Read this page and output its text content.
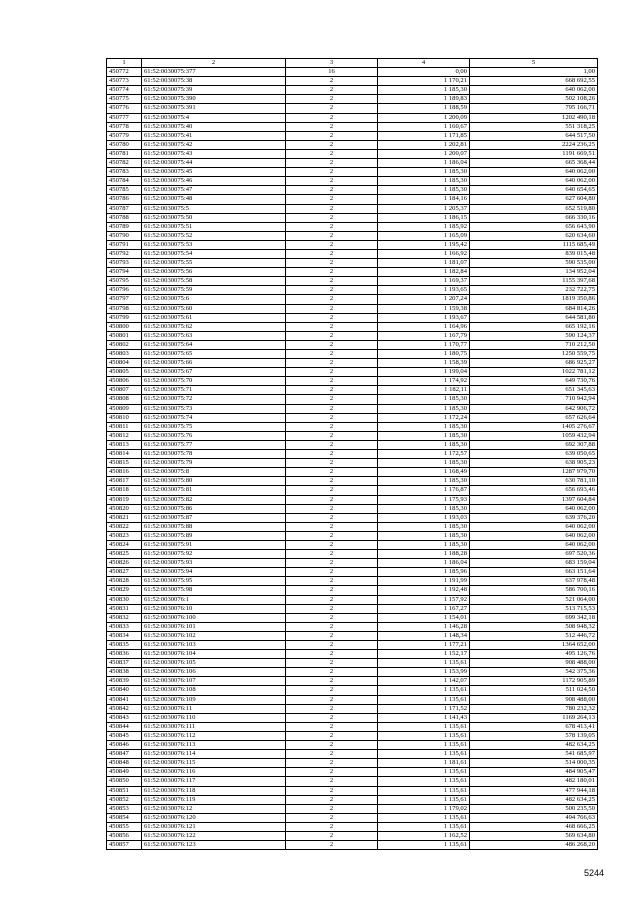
1	2	3	4	5
450772	61:52:0030075:377	16	0,00	1,00
450773	61:52:0030075:38	2	1 170,21	668 692,55
450774	61:52:0030075:39	2	1 185,30	640 062,00
450775	61:52:0030075:390	2	1 189,83	502 108,26
450776	61:52:0030075:391	2	1 188,59	795 166,71
450777	61:52:0030075:4	2	1 200,09	1202 490,18
450778	61:52:0030075:40	2	1 160,67	551 318,25
450779	61:52:0030075:41	2	1 171,85	644 517,50
450780	61:52:0030075:42	2	1 202,81	2224 236,25
450781	61:52:0030075:43	2	1 200,07	1191 669,51
450782	61:52:0030075:44	2	1 186,04	665 368,44
450783	61:52:0030075:45	2	1 185,30	640 062,00
450784	61:52:0030075:46	2	1 185,30	640 062,00
450785	61:52:0030075:47	2	1 185,30	640 654,65
450786	61:52:0030075:48	2	1 184,16	627 604,80
450787	61:52:0030075:5	2	1 205,37	652 519,80
450788	61:52:0030075:50	2	1 186,15	666 330,16
450789	61:52:0030075:51	2	1 185,92	656 643,90
450790	61:52:0030075:52	2	1 165,09	620 634,60
450791	61:52:0030075:53	2	1 195,42	1115 685,49
450792	61:52:0030075:54	2	1 166,92	839 015,48
450793	61:52:0030075:55	2	1 181,07	590 535,00
450794	61:52:0030075:56	2	1 182,84	134 952,04
450795	61:52:0030075:58	2	1 169,37	1155 397,68
450796	61:52:0030075:59	2	1 193,65	232 722,75
450797	61:52:0030075:6	2	1 207,24	1819 350,86
450798	61:52:0030075:60	2	1 159,38	684 814,26
450799	61:52:0030075:61	2	1 193,67	644 581,80
450800	61:52:0030075:62	2	1 164,96	665 192,16
450801	61:52:0030075:63	2	1 167,79	590 124,37
450802	61:52:0030075:64	2	1 170,77	710 212,50
450803	61:52:0030075:65	2	1 180,75	1250 559,75
450804	61:52:0030075:66	2	1 158,39	686 925,27
450805	61:52:0030075:67	2	1 199,04	1022 781,12
450806	61:52:0030075:70	2	1 174,92	649 730,76
450807	61:52:0030075:71	2	1 182,11	651 345,63
450808	61:52:0030075:72	2	1 185,30	710 942,94
450809	61:52:0030075:73	2	1 185,30	642 906,72
450810	61:52:0030075:74	2	1 172,24	657 626,64
450811	61:52:0030075:75	2	1 185,30	1405 276,67
450812	61:52:0030075:76	2	1 185,30	1059 432,94
450813	61:52:0030075:77	2	1 185,30	692 307,88
450814	61:52:0030075:78	2	1 172,57	639 050,65
450815	61:52:0030075:79	2	1 185,30	638 905,23
450816	61:52:0030075:8	2	1 168,49	1287 979,70
450817	61:52:0030075:80	2	1 185,30	630 781,10
450818	61:52:0030075:81	2	1 176,87	656 693,46
450819	61:52:0030075:82	2	1 175,93	1397 604,84
450820	61:52:0030075:86	2	1 185,30	640 062,00
450821	61:52:0030075:87	2	1 193,03	639 376,20
450822	61:52:0030075:88	2	1 185,30	640 062,00
450823	61:52:0030075:89	2	1 185,30	640 062,00
450824	61:52:0030075:91	2	1 185,30	640 062,00
450825	61:52:0030075:92	2	1 188,28	697 520,36
450826	61:52:0030075:93	2	1 186,04	683 159,04
450827	61:52:0030075:94	2	1 185,96	663 151,64
450828	61:52:0030075:95	2	1 191,99	637 978,48
450829	61:52:0030075:98	2	1 192,48	586 700,16
450830	61:52:0030076:1	2	1 157,92	521 064,00
450831	61:52:0030076:10	2	1 167,27	513 715,53
450832	61:52:0030076:100	2	1 154,01	699 342,18
450833	61:52:0030076:101	2	1 146,28	508 948,32
450834	61:52:0030076:102	2	1 148,34	512 446,72
450835	61:52:0030076:103	2	1 177,21	1364 652,00
450836	61:52:0030076:104	2	1 152,17	495 126,76
450837	61:52:0030076:105	2	1 135,61	908 488,00
450838	61:52:0030076:106	2	1 153,99	542 375,36
450839	61:52:0030076:107	2	1 142,07	1172 905,89
450840	61:52:0030076:108	2	1 135,61	511 024,50
450841	61:52:0030076:109	2	1 135,61	908 488,00
450842	61:52:0030076:11	2	1 171,52	780 232,32
450843	61:52:0030076:110	2	1 141,43	1169 264,13
450844	61:52:0030076:111	2	1 135,61	678 413,41
450845	61:52:0030076:112	2	1 135,61	578 139,05
450846	61:52:0030076:113	2	1 135,61	482 634,25
450847	61:52:0030076:114	2	1 135,61	541 685,97
450848	61:52:0030076:115	2	1 181,61	514 000,35
450849	61:52:0030076:116	2	1 135,61	484 905,47
450850	61:52:0030076:117	2	1 135,61	482 180,01
450851	61:52:0030076:118	2	1 135,61	477 944,18
450852	61:52:0030076:119	2	1 135,61	482 634,25
450853	61:52:0030076:12	2	1 179,02	500 235,50
450854	61:52:0030076:120	2	1 135,61	494 766,63
450855	61:52:0030076:121	2	1 135,61	468 666,25
450856	61:52:0030076:122	2	1 162,52	569 634,80
450857	61:52:0030076:123	2	1 135,61	486 268,20
5244
